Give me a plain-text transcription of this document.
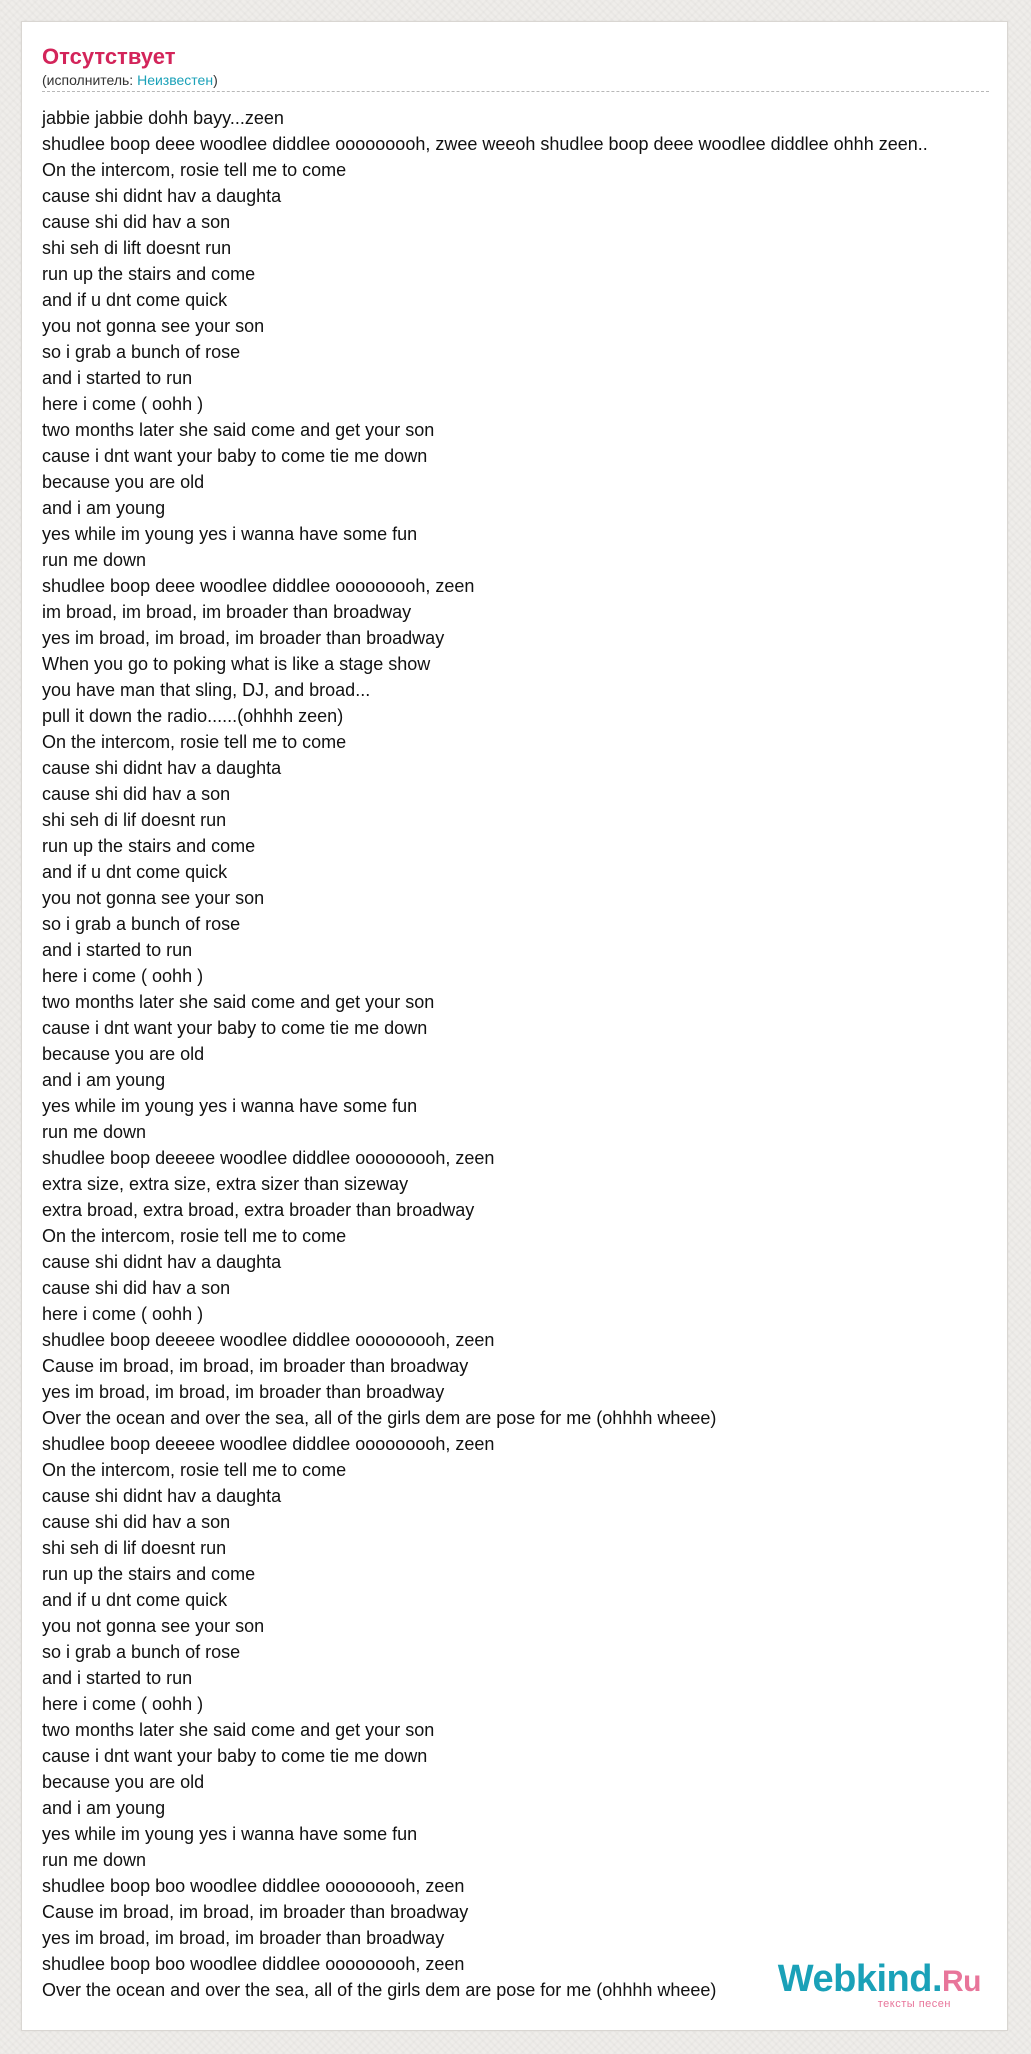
Отсутствует
(исполнитель: Неизвестен)
jabbie jabbie dohh bayy...zeen
shudlee boop deee woodlee diddlee ooooooooh, zwee weeoh shudlee boop deee woodlee diddlee ohhh zeen..
On the intercom, rosie tell me to come
cause shi didnt hav a daughta
cause shi did hav a son
shi seh di lift doesnt run
run up the stairs and come
and if u dnt come quick
you not gonna see your son
so i grab a bunch of rose
and i started to run
here i come ( oohh )
two months later she said come and get your son
cause i dnt want your baby to come tie me down
because you are old
and i am young
yes while im young yes i wanna have some fun
run me down
shudlee boop deee woodlee diddlee ooooooooh, zeen
im broad, im broad, im broader than broadway
yes im broad, im broad, im broader than broadway
When you go to poking what is like a stage show
you have man that sling, DJ, and broad...
pull it down the radio......(ohhhh zeen)
On the intercom, rosie tell me to come
cause shi didnt hav a daughta
cause shi did hav a son
shi seh di lif doesnt run
run up the stairs and come
and if u dnt come quick
you not gonna see your son
so i grab a bunch of rose
and i started to run
here i come ( oohh )
two months later she said come and get your son
cause i dnt want your baby to come tie me down
because you are old
and i am young
yes while im young yes i wanna have some fun
run me down
shudlee boop deeeee woodlee diddlee ooooooooh, zeen
extra size, extra size, extra sizer than sizeway
extra broad, extra broad, extra broader than broadway
On the intercom, rosie tell me to come
cause shi didnt hav a daughta
cause shi did hav a son
here i come ( oohh )
shudlee boop deeeee woodlee diddlee ooooooooh, zeen
Cause im broad, im broad, im broader than broadway
yes im broad, im broad, im broader than broadway
Over the ocean and over the sea, all of the girls dem are pose for me (ohhhh wheee)
shudlee boop deeeee woodlee diddlee ooooooooh, zeen
On the intercom, rosie tell me to come
cause shi didnt hav a daughta
cause shi did hav a son
shi seh di lif doesnt run
run up the stairs and come
and if u dnt come quick
you not gonna see your son
so i grab a bunch of rose
and i started to run
here i come ( oohh )
two months later she said come and get your son
cause i dnt want your baby to come tie me down
because you are old
and i am young
yes while im young yes i wanna have some fun
run me down
shudlee boop boo woodlee diddlee ooooooooh, zeen
Cause im broad, im broad, im broader than broadway
yes im broad, im broad, im broader than broadway
shudlee boop boo woodlee diddlee ooooooooh, zeen
Over the ocean and over the sea, all of the girls dem are pose for me (ohhhh wheee)	Webkind.Ru
тексты песен
